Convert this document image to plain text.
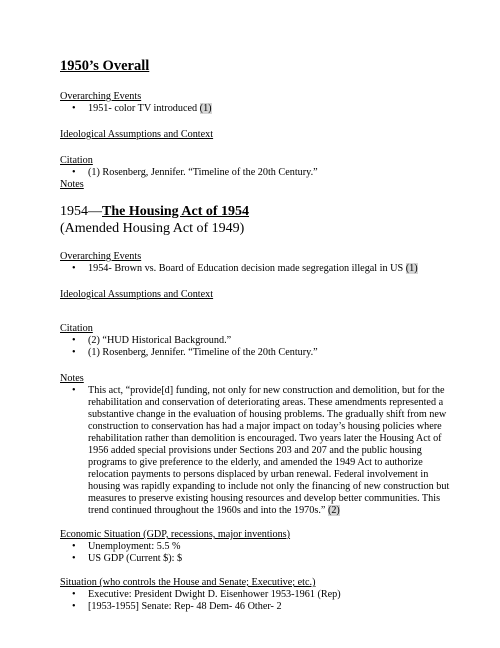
1950’s Overall
Overarching Events
• 1951- color TV introduced (1)
Ideological Assumptions and Context
Citation
• (1) Rosenberg, Jennifer. “Timeline of the 20th Century.”
Notes
1954—The Housing Act of 1954
(Amended Housing Act of 1949)
Overarching Events
• 1954- Brown vs. Board of Education decision made segregation illegal in US (1)
Ideological Assumptions and Context
Citation
• (2) “HUD Historical Background.”
• (1) Rosenberg, Jennifer. “Timeline of the 20th Century.”
Notes
• This act, “provide[d] funding, not only for new construction and demolition, but for the rehabilitation and conservation of deteriorating areas. These amendments represented a substantive change in the evaluation of housing problems. The gradually shift from new construction to conservation has had a major impact on today’s housing policies where rehabilitation rather than demolition is encouraged. Two years later the Housing Act of 1956 added special provisions under Sections 203 and 207 and the public housing programs to give preference to the elderly, and amended the 1949 Act to authorize relocation payments to persons displaced by urban renewal. Federal involvement in housing was rapidly expanding to include not only the financing of new construction but measures to preserve existing housing resources and develop better communities. This trend continued throughout the 1960s and into the 1970s.” (2)
Economic Situation (GDP, recessions, major inventions)
• Unemployment: 5.5 %
• US GDP (Current $): $
Situation (who controls the House and Senate; Executive; etc.)
• Executive: President Dwight D. Eisenhower 1953-1961 (Rep)
• [1953-1955] Senate: Rep- 48 Dem- 46 Other- 2
